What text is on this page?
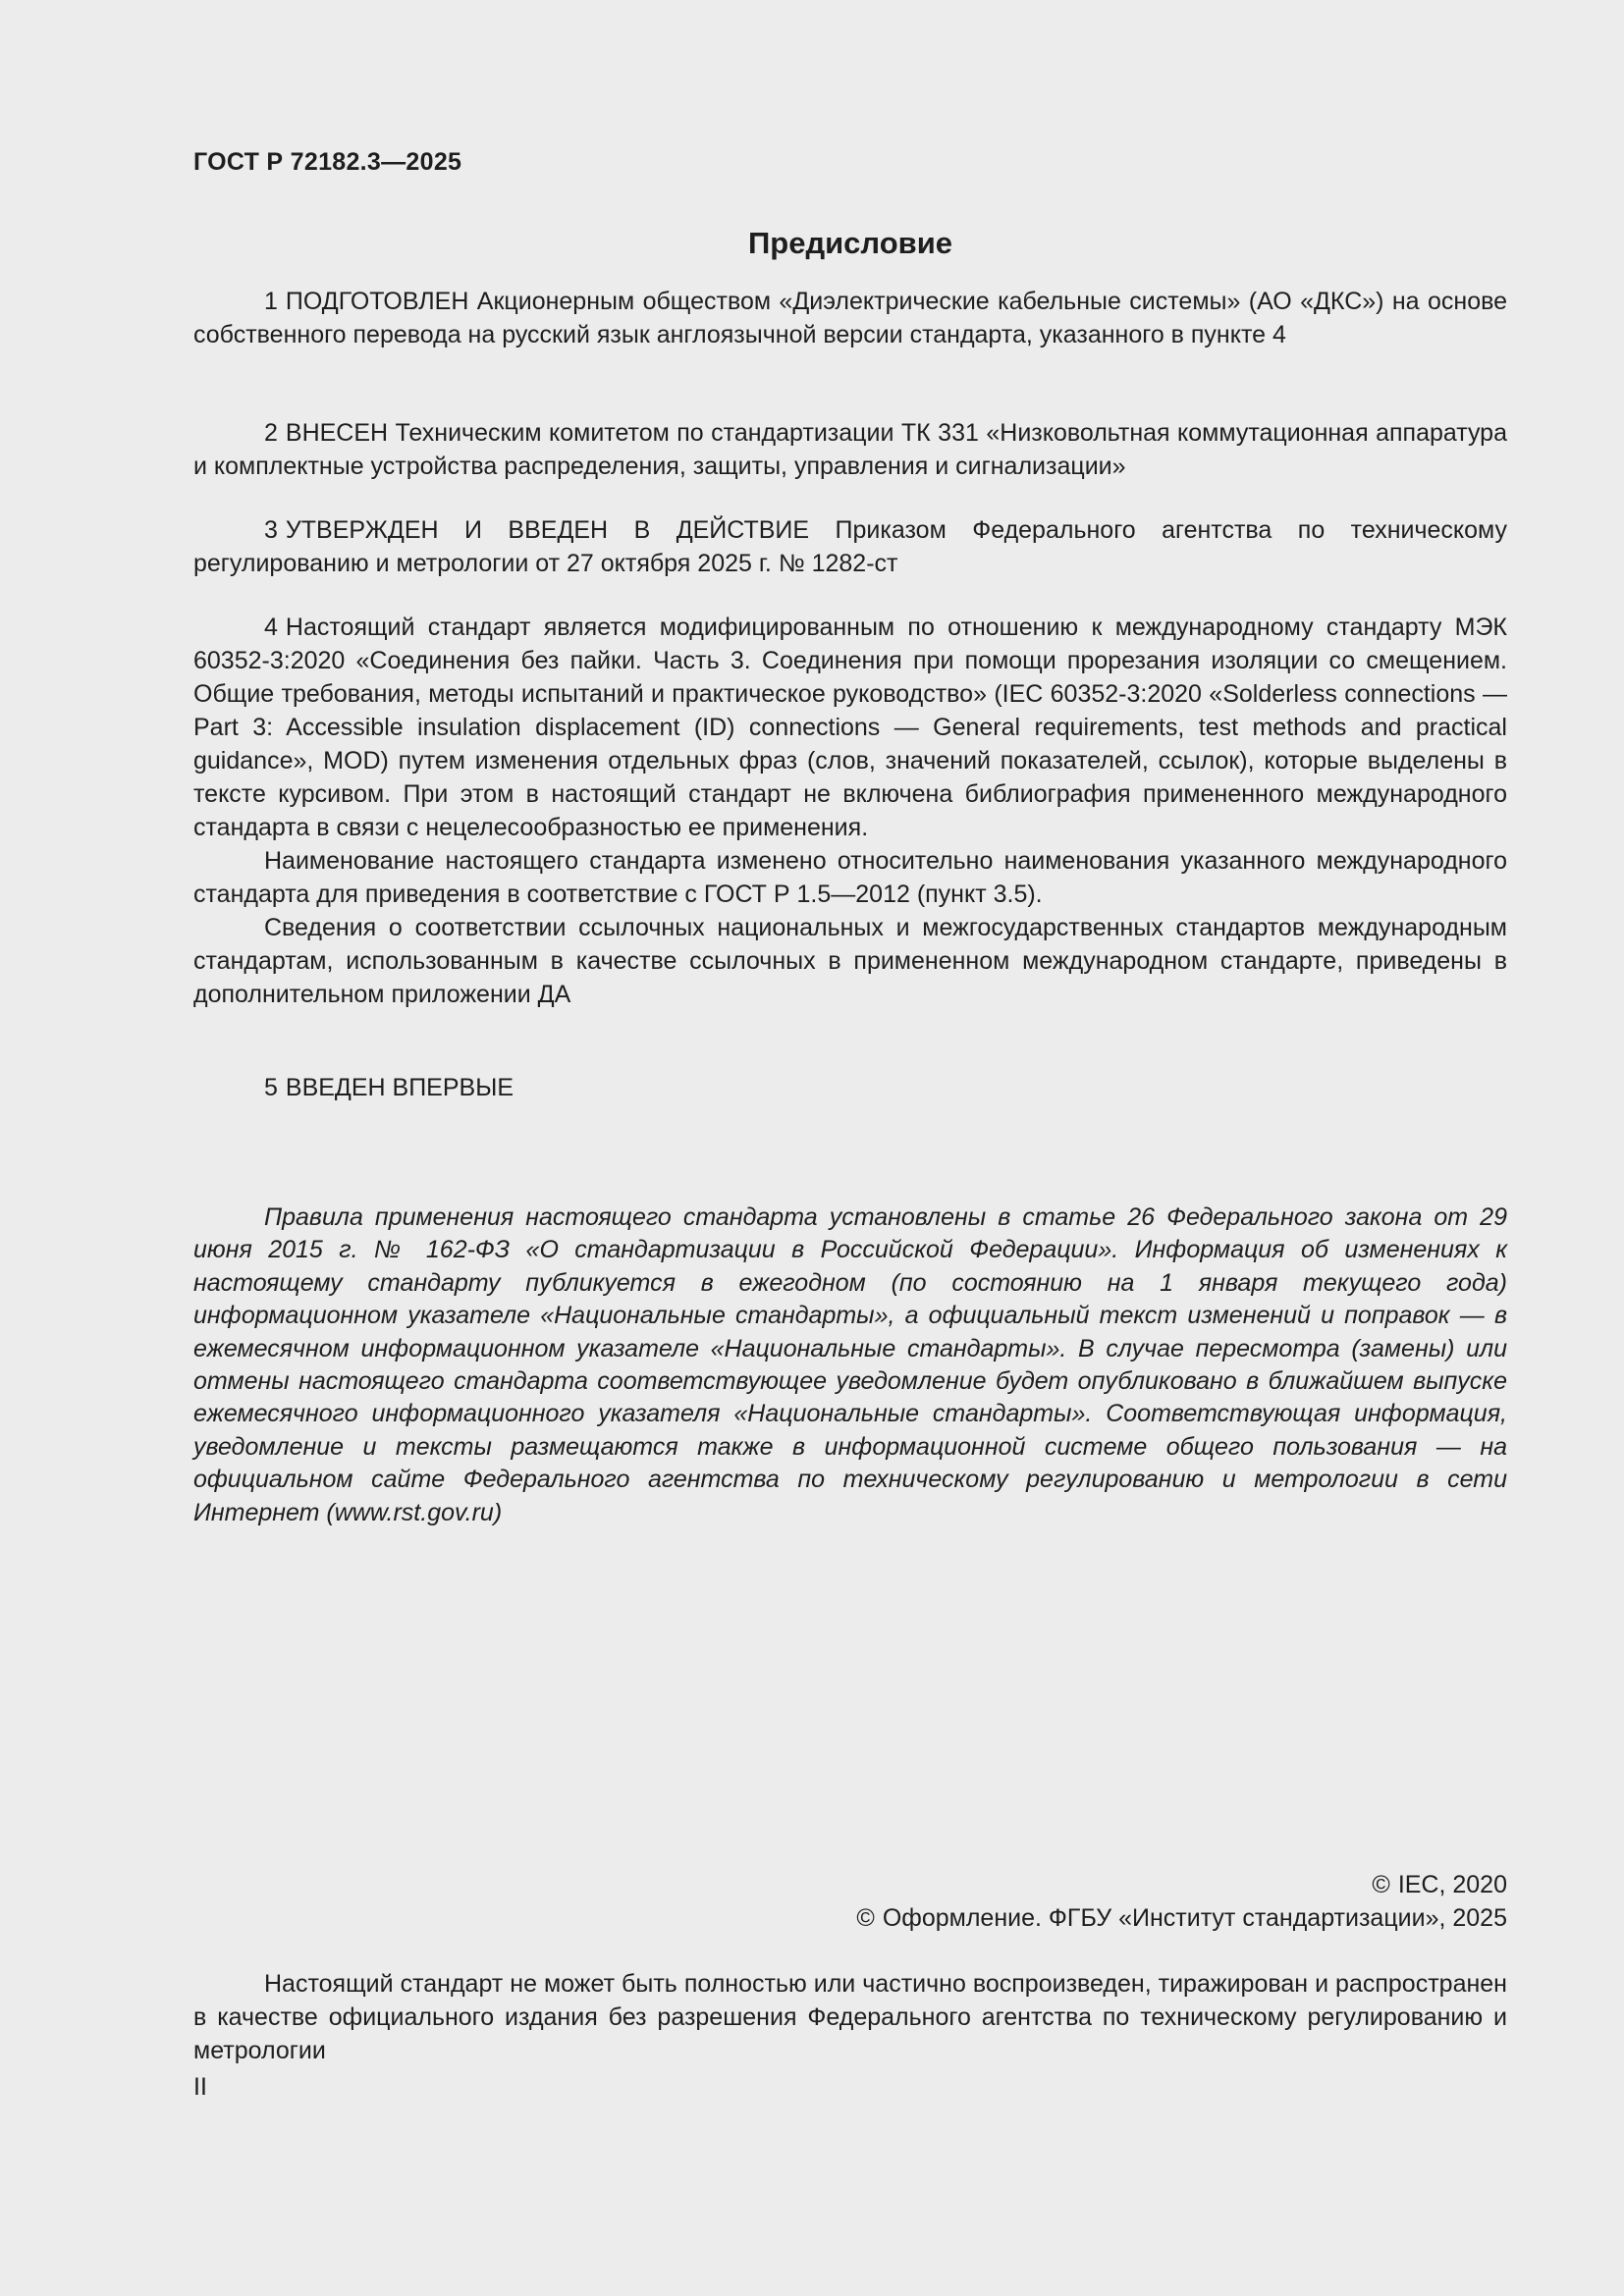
ГОСТ Р 72182.3—2025
Предисловие

1 ПОДГОТОВЛЕН Акционерным обществом «Диэлектрические кабельные системы» (АО «ДКС») на основе собственного перевода на русский язык англоязычной версии стандарта, указанного в пункте 4

2 ВНЕСЕН Техническим комитетом по стандартизации ТК 331 «Низковольтная коммутационная аппаратура и комплектные устройства распределения, защиты, управления и сигнализации»

3 УТВЕРЖДЕН И ВВЕДЕН В ДЕЙСТВИЕ Приказом Федерального агентства по техническому регулированию и метрологии от 27 октября 2025 г. № 1282-ст

4 Настоящий стандарт является модифицированным по отношению к международному стандарту МЭК 60352-3:2020 «Соединения без пайки. Часть 3. Соединения при помощи прорезания изоляции со смещением. Общие требования, методы испытаний и практическое руководство» (IEC 60352-3:2020 «Solderless connections — Part 3: Accessible insulation displacement (ID) connections — General requirements, test methods and practical guidance», MOD) путем изменения отдельных фраз (слов, значений показателей, ссылок), которые выделены в тексте курсивом. При этом в настоящий стандарт не включена библиография примененного международного стандарта в связи с нецелесообразностью ее применения.

Наименование настоящего стандарта изменено относительно наименования указанного международного стандарта для приведения в соответствие с ГОСТ Р 1.5—2012 (пункт 3.5).

Сведения о соответствии ссылочных национальных и межгосударственных стандартов международным стандартам, использованным в качестве ссылочных в примененном международном стандарте, приведены в дополнительном приложении ДА

5 ВВЕДЕН ВПЕРВЫЕ

Правила применения настоящего стандарта установлены в статье 26 Федерального закона от 29 июня 2015 г. № 162-ФЗ «О стандартизации в Российской Федерации». Информация об изменениях к настоящему стандарту публикуется в ежегодном (по состоянию на 1 января текущего года) информационном указателе «Национальные стандарты», а официальный текст изменений и поправок — в ежемесячном информационном указателе «Национальные стандарты». В случае пересмотра (замены) или отмены настоящего стандарта соответствующее уведомление будет опубликовано в ближайшем выпуске ежемесячного информационного указателя «Национальные стандарты». Соответствующая информация, уведомление и тексты размещаются также в информационной системе общего пользования — на официальном сайте Федерального агентства по техническому регулированию и метрологии в сети Интернет (www.rst.gov.ru)

© IEC, 2020
© Оформление. ФГБУ «Институт стандартизации», 2025

Настоящий стандарт не может быть полностью или частично воспроизведен, тиражирован и распространен в качестве официального издания без разрешения Федерального агентства по техническому регулированию и метрологии

II
